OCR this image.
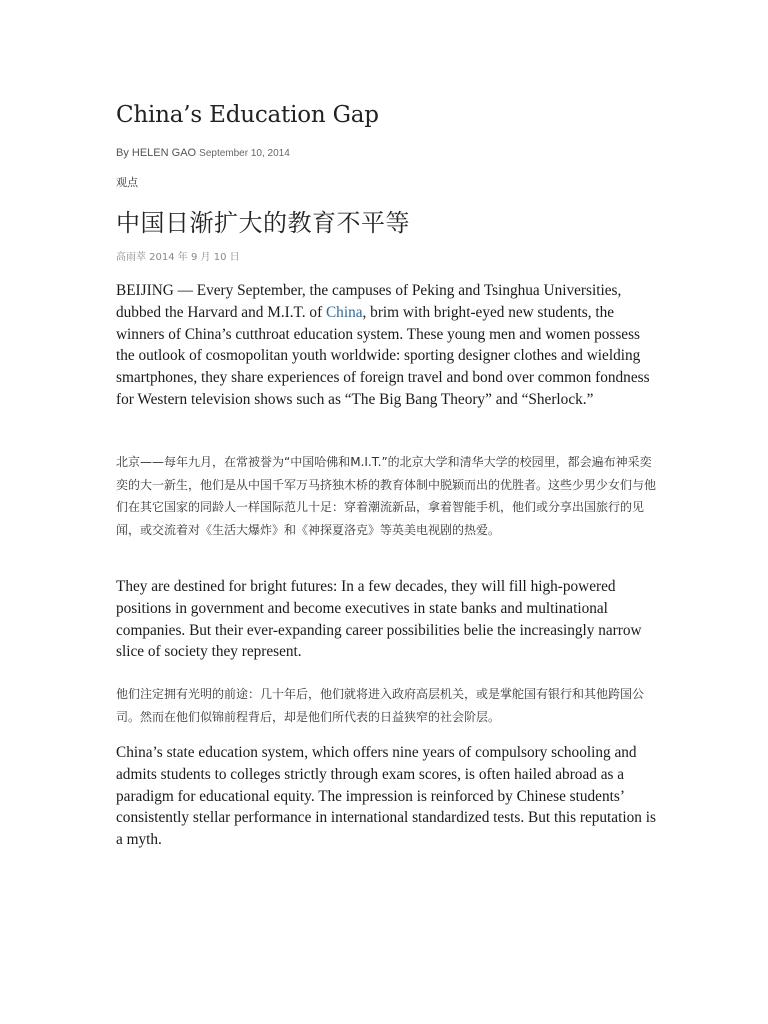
China’s Education Gap
By HELEN GAO September 10, 2014
观点
中国日渐扩大的教育不平等
高雨萃 2014 年 9 月 10 日

BEIJING — Every September, the campuses of Peking and Tsinghua Universities, dubbed the Harvard and M.I.T. of China, brim with bright-eyed new students, the winners of China’s cutthroat education system. These young men and women possess the outlook of cosmopolitan youth worldwide: sporting designer clothes and wielding smartphones, they share experiences of foreign travel and bond over common fondness for Western television shows such as “The Big Bang Theory” and “Sherlock.”

北京——每年九月，在常被誉为“中国哈佛和M.I.T.”的北京大学和清华大学的校园里，都会遍布神采奕奕的大一新生，他们是从中国千军万马挤独木桥的教育体制中脱颖而出的优胜者。这些少男少女们与他们在其它国家的同龄人一样国际范儿十足：穿着潮流新品，拿着智能手机，他们或分享出国旅行的见闻，或交流着对《生活大爆炸》和《神探夏洛克》等英美电视剧的热爱。

They are destined for bright futures: In a few decades, they will fill high-powered positions in government and become executives in state banks and multinational companies. But their ever-expanding career possibilities belie the increasingly narrow slice of society they represent.

他们注定拥有光明的前途：几十年后，他们就将进入政府高层机关，或是掌舵国有银行和其他跨国公司。然而在他们似锦前程背后，却是他们所代表的日益狭窄的社会阶层。

China’s state education system, which offers nine years of compulsory schooling and admits students to colleges strictly through exam scores, is often hailed abroad as a paradigm for educational equity. The impression is reinforced by Chinese students’ consistently stellar performance in international standardized tests. But this reputation is a myth.
